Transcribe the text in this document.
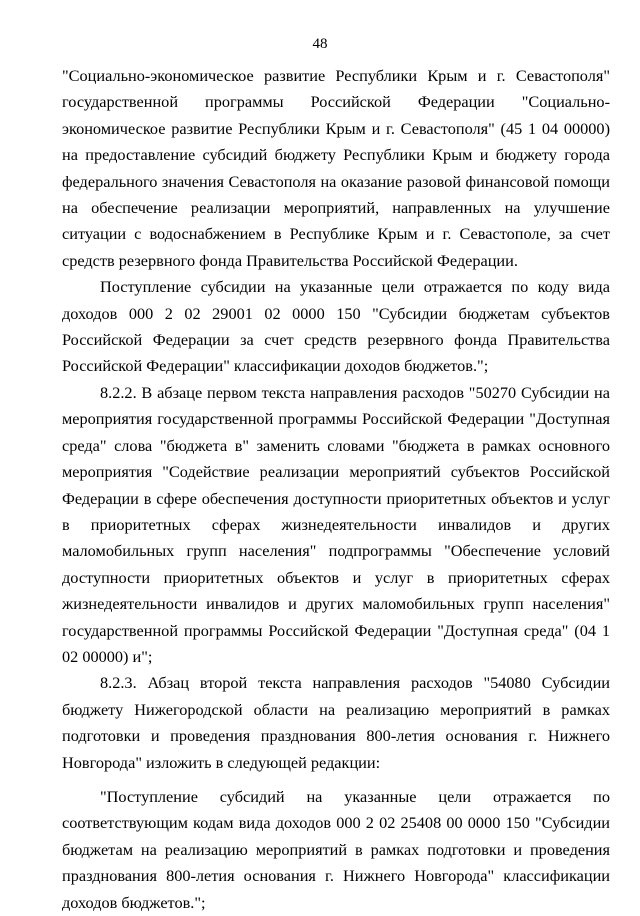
48

"Социально-экономическое развитие Республики Крым и г. Севастополя" государственной программы Российской Федерации "Социально-экономическое развитие Республики Крым и г. Севастополя" (45 1 04 00000) на предоставление субсидий бюджету Республики Крым и бюджету города федерального значения Севастополя на оказание разовой финансовой помощи на обеспечение реализации мероприятий, направленных на улучшение ситуации с водоснабжением в Республике Крым и г. Севастополе, за счет средств резервного фонда Правительства Российской Федерации.

Поступление субсидии на указанные цели отражается по коду вида доходов 000 2 02 29001 02 0000 150 "Субсидии бюджетам субъектов Российской Федерации за счет средств резервного фонда Правительства Российской Федерации" классификации доходов бюджетов.";

8.2.2. В абзаце первом текста направления расходов "50270 Субсидии на мероприятия государственной программы Российской Федерации "Доступная среда" слова "бюджета в" заменить словами "бюджета в рамках основного мероприятия "Содействие реализации мероприятий субъектов Российской Федерации в сфере обеспечения доступности приоритетных объектов и услуг в приоритетных сферах жизнедеятельности инвалидов и других маломобильных групп населения" подпрограммы "Обеспечение условий доступности приоритетных объектов и услуг в приоритетных сферах жизнедеятельности инвалидов и других маломобильных групп населения" государственной программы Российской Федерации "Доступная среда" (04 1 02 00000) и";

8.2.3. Абзац второй текста направления расходов "54080 Субсидии бюджету Нижегородской области на реализацию мероприятий в рамках подготовки и проведения празднования 800-летия основания г. Нижнего Новгорода" изложить в следующей редакции:

"Поступление субсидий на указанные цели отражается по соответствующим кодам вида доходов 000 2 02 25408 00 0000 150 "Субсидии бюджетам на реализацию мероприятий в рамках подготовки и проведения празднования 800-летия основания г. Нижнего Новгорода" классификации доходов бюджетов.";
